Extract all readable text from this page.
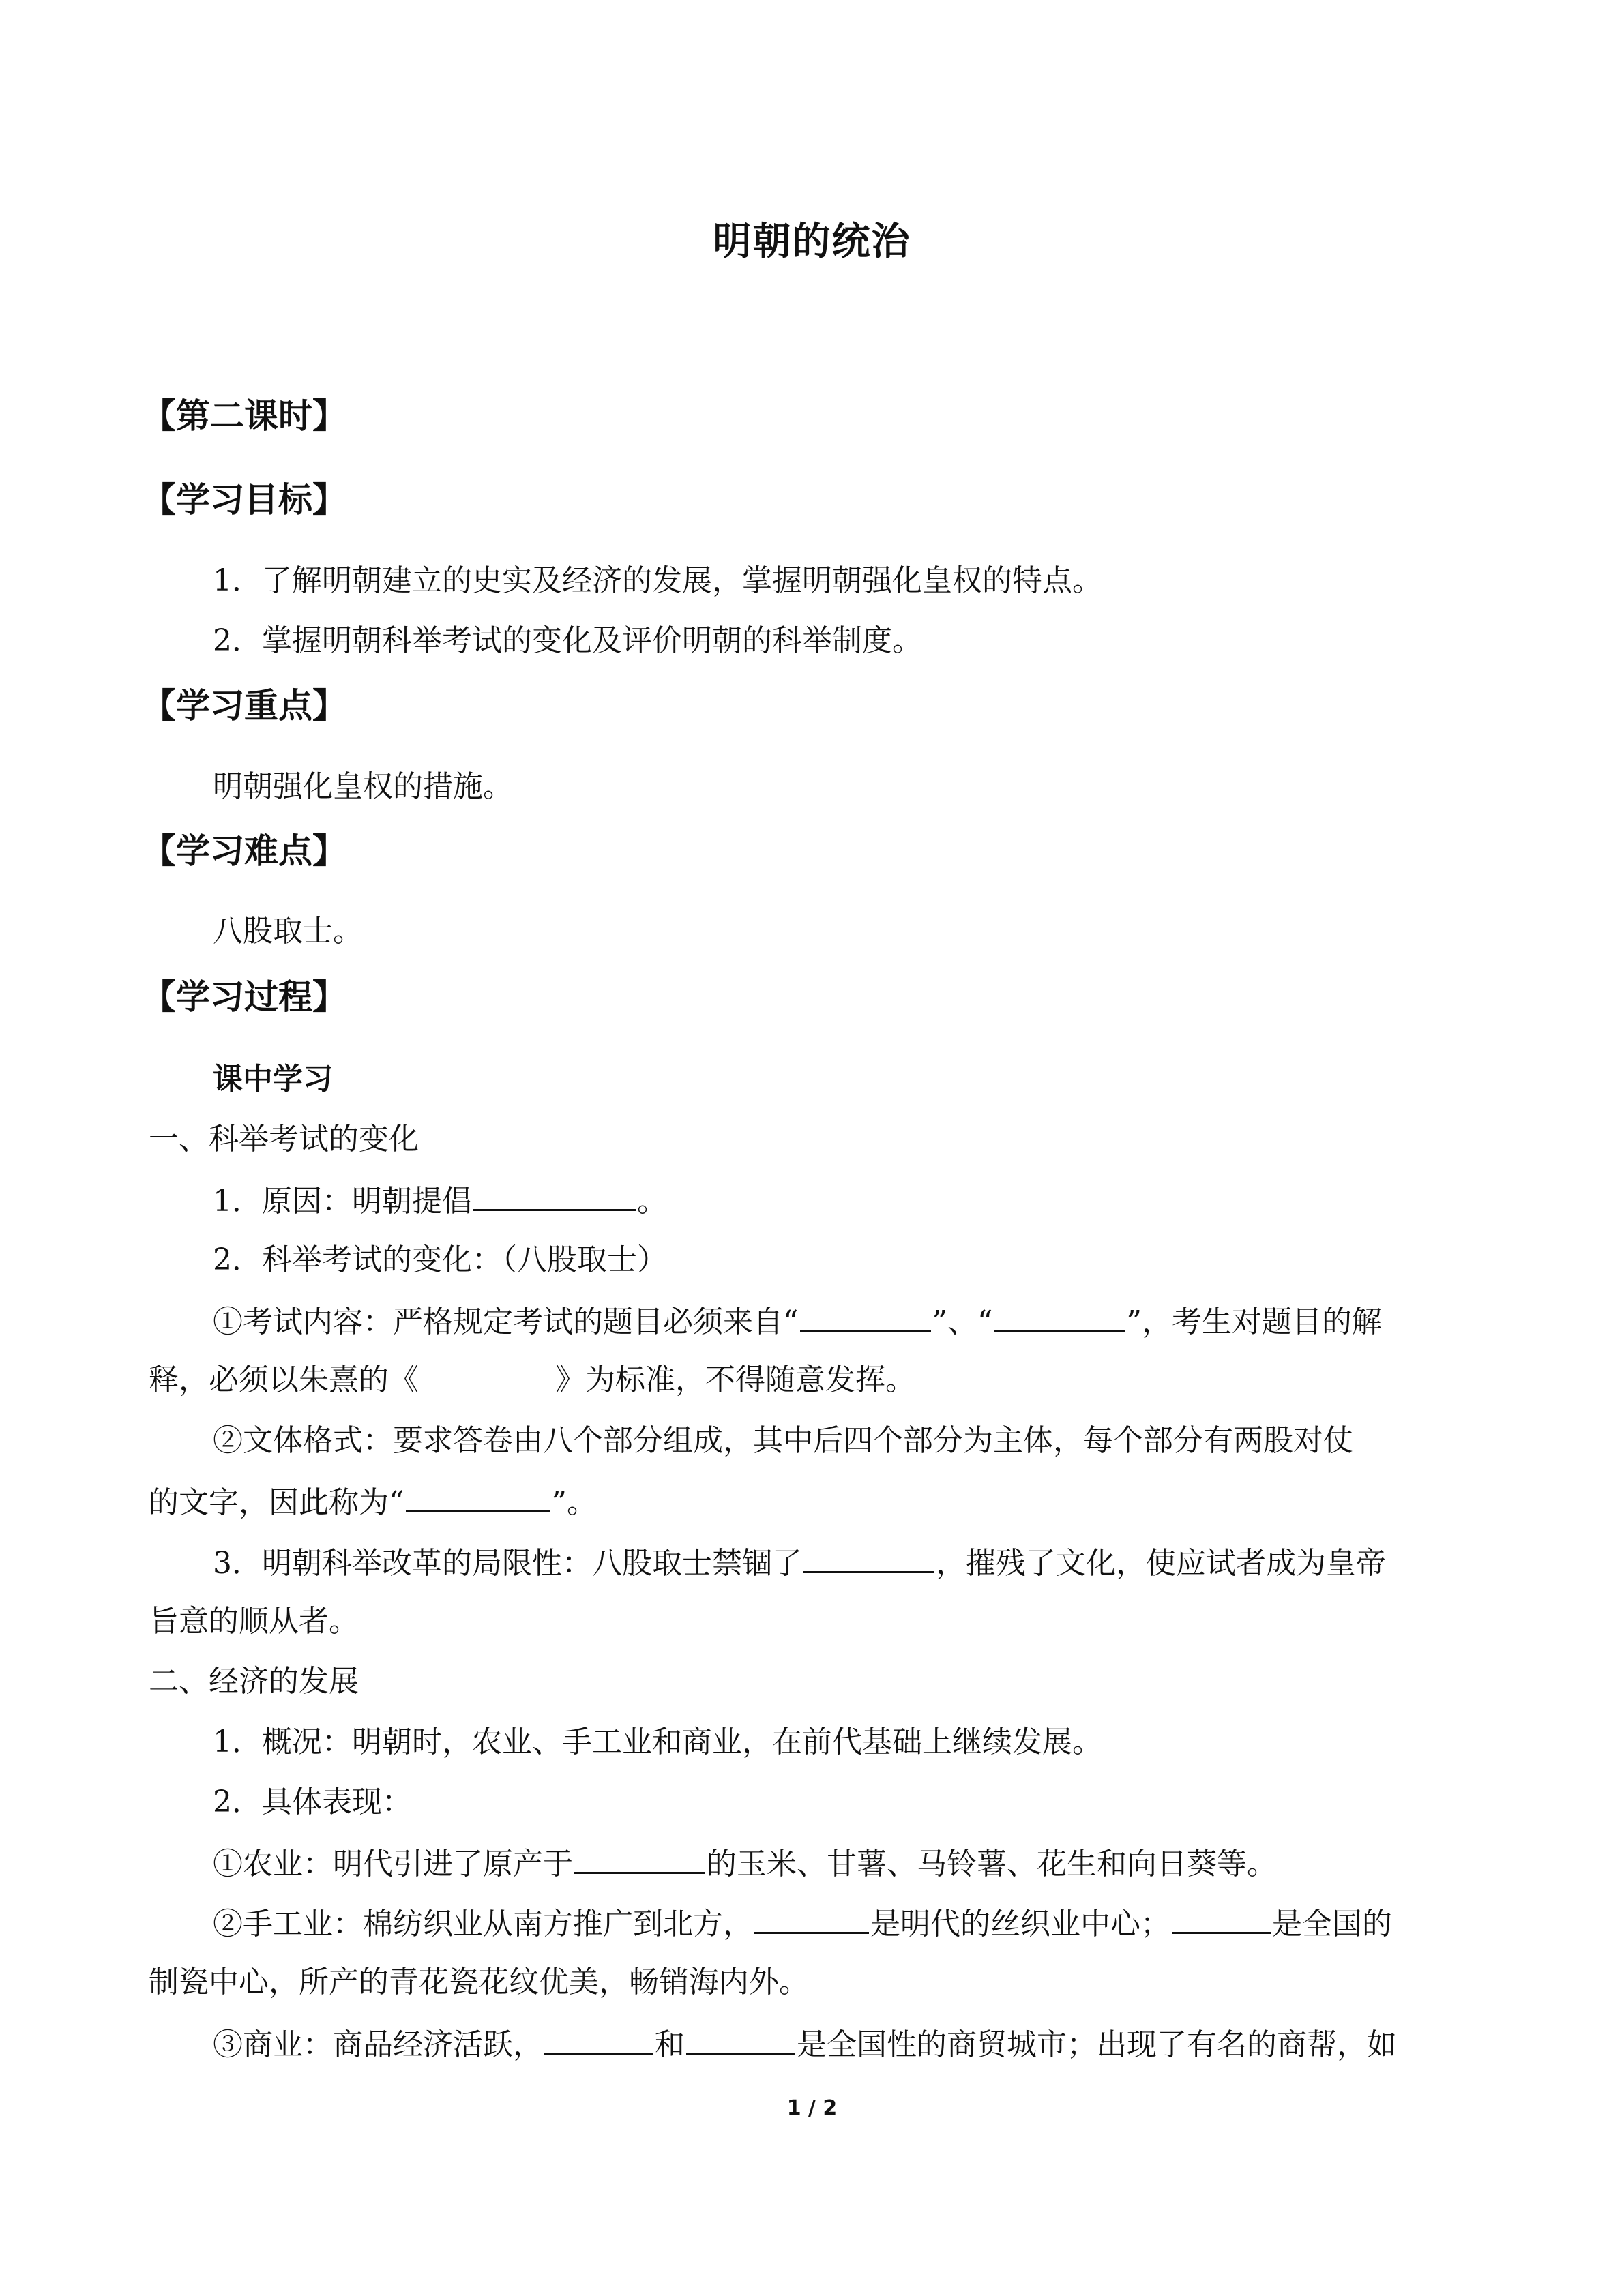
明朝的统治
【第二课时】
【学习目标】
1．了解明朝建立的史实及经济的发展，掌握明朝强化皇权的特点。
2．掌握明朝科举考试的变化及评价明朝的科举制度。
【学习重点】
明朝强化皇权的措施。
【学习难点】
八股取士。
【学习过程】
课中学习
一、科举考试的变化
1．原因：明朝提倡	。
2．科举考试的变化：（八股取士）
①考试内容：严格规定考试的题目必须来自“	”、“	”，考生对题目的解
释，必须以朱熹的《	》为标准，不得随意发挥。
②文体格式：要求答卷由八个部分组成，其中后四个部分为主体，每个部分有两股对仗
的文字，因此称为“	”。
3．明朝科举改革的局限性：八股取士禁锢了	，摧残了文化，使应试者成为皇帝
旨意的顺从者。
二、经济的发展
1．概况：明朝时，农业、手工业和商业，在前代基础上继续发展。
2．具体表现：
①农业：明代引进了原产于	的玉米、甘薯、马铃薯、花生和向日葵等。
②手工业：棉纺织业从南方推广到北方，	是明代的丝织业中心；	是全国的
制瓷中心，所产的青花瓷花纹优美，畅销海内外。
③商业：商品经济活跃，	和	是全国性的商贸城市；出现了有名的商帮，如
1 / 2
